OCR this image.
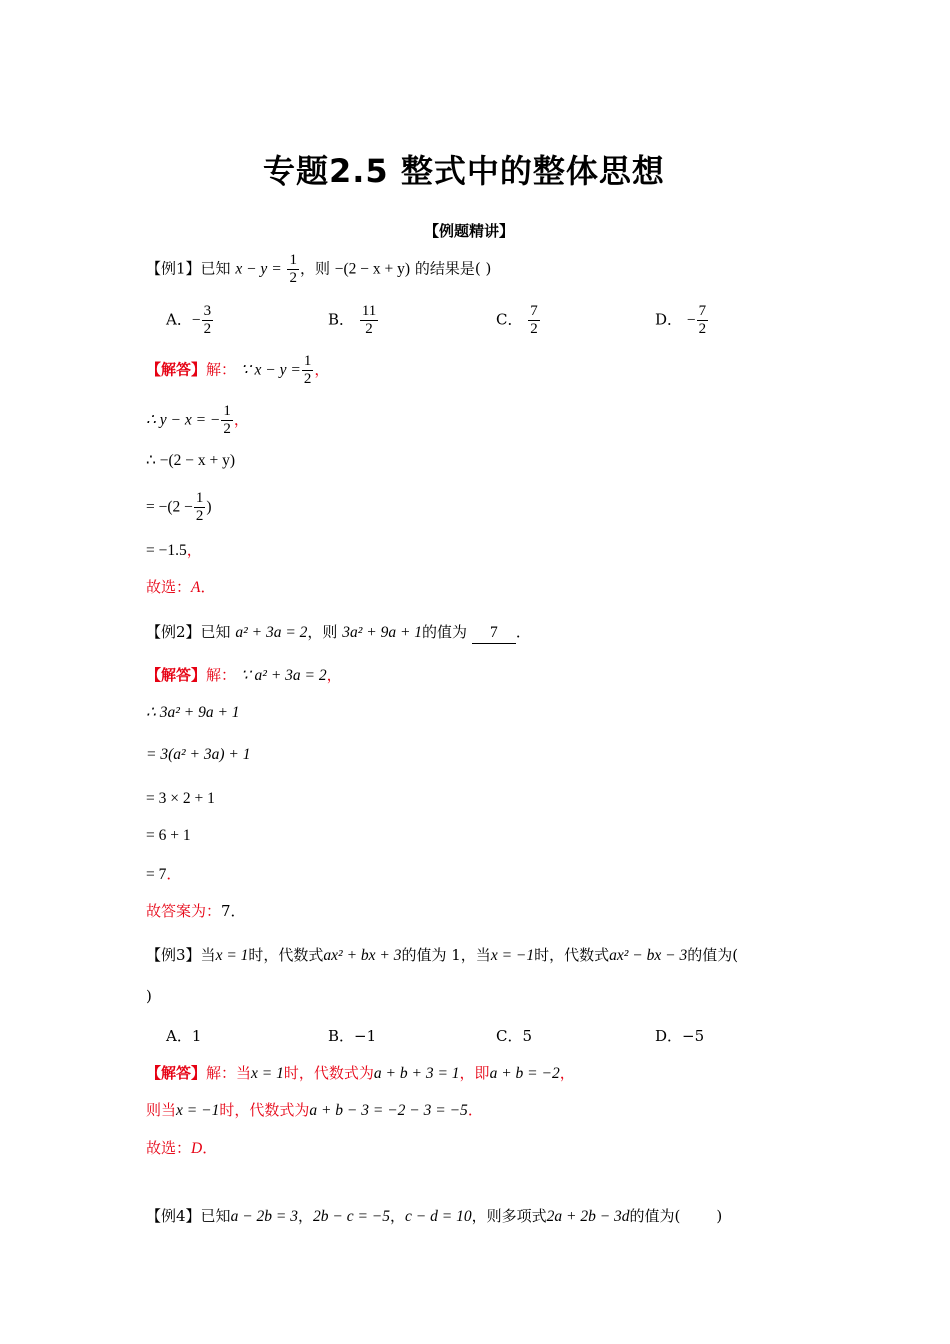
专题2.5 整式中的整体思想
【例题精讲】
【例1】已知 $x - y = \frac{1}{2}$ ，则 −(2 − x + y) 的结果是( )
A．− $\frac{3}{2}$	B． $\frac{11}{2}$	C． $\frac{7}{2}$	D． − $\frac{7}{2}$
【解答】解： ∵ $x - y = \frac{1}{2}$ ，
∴ y − x = − $\frac{1}{2}$ ，
∴ −(2 − x + y)
= $-(2 - \frac{1}{2}$ )
= −1.5，
故选：A．
【例2】已知 a² + 3a = 2，则 3a² + 9a + 1的值为 7 ．
【解答】解： ∵ a² + 3a = 2，
∴ 3a² + 9a + 1
= 3(a² + 3a) + 1
= 3 × 2 + 1
= 6 + 1
= 7．
故答案为：7．
【例3】当x = 1时，代数式ax² + bx + 3的值为 1，当x = −1时，代数式ax² − bx − 3的值为(
)
A．1	B．−1	C．5	D．−5
【解答】解：当x = 1时，代数式为a + b + 3 = 1，即a + b = −2，
则当x = −1时，代数式为a + b − 3 = −2 − 3 = −5．
故选：D．
【例4】已知a − 2b = 3，2b − c = −5，c − d = 10，则多项式2a + 2b − 3d的值为( )
